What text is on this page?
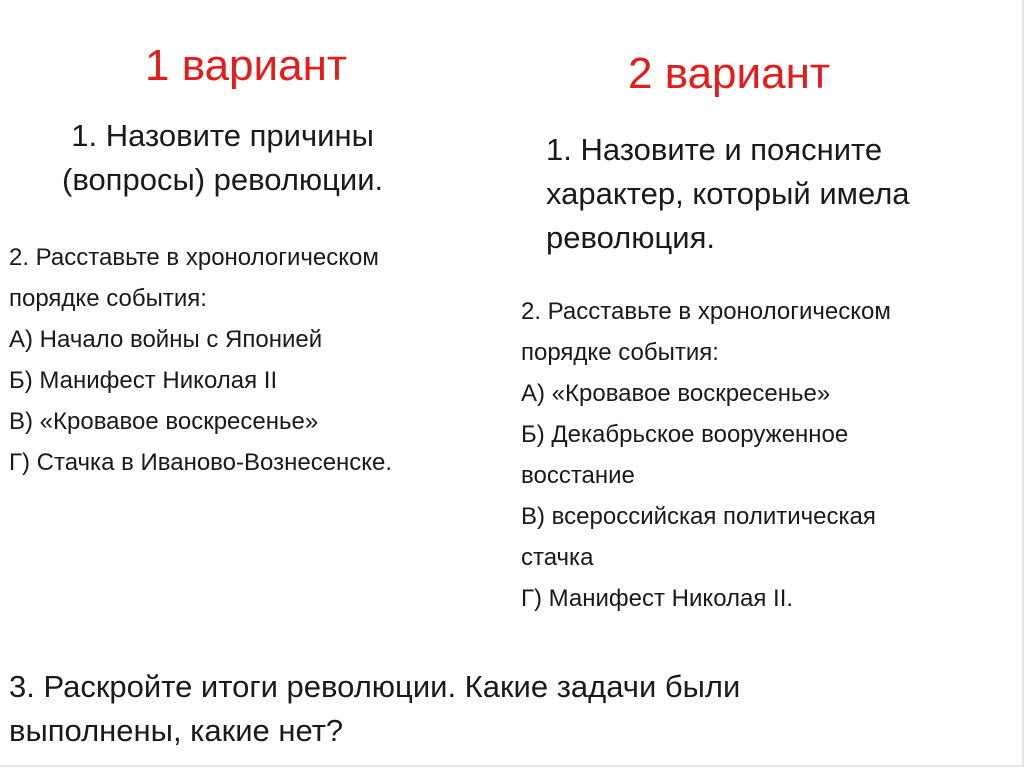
1 вариант	2 вариант
1. Назовите причины
(вопросы) революции.
1. Назовите и поясните
характер, который имела
революция.
2. Расставьте в хронологическом
порядке события:
А) Начало войны с Японией
Б) Манифест Николая II
В) «Кровавое воскресенье»
Г) Стачка в Иваново-Вознесенске.
2. Расставьте в хронологическом
порядке события:
А) «Кровавое воскресенье»
Б) Декабрьское вооруженное
восстание
В) всероссийская политическая
стачка
Г) Манифест Николая II.
3. Раскройте итоги революции. Какие задачи были
выполнены, какие нет?
